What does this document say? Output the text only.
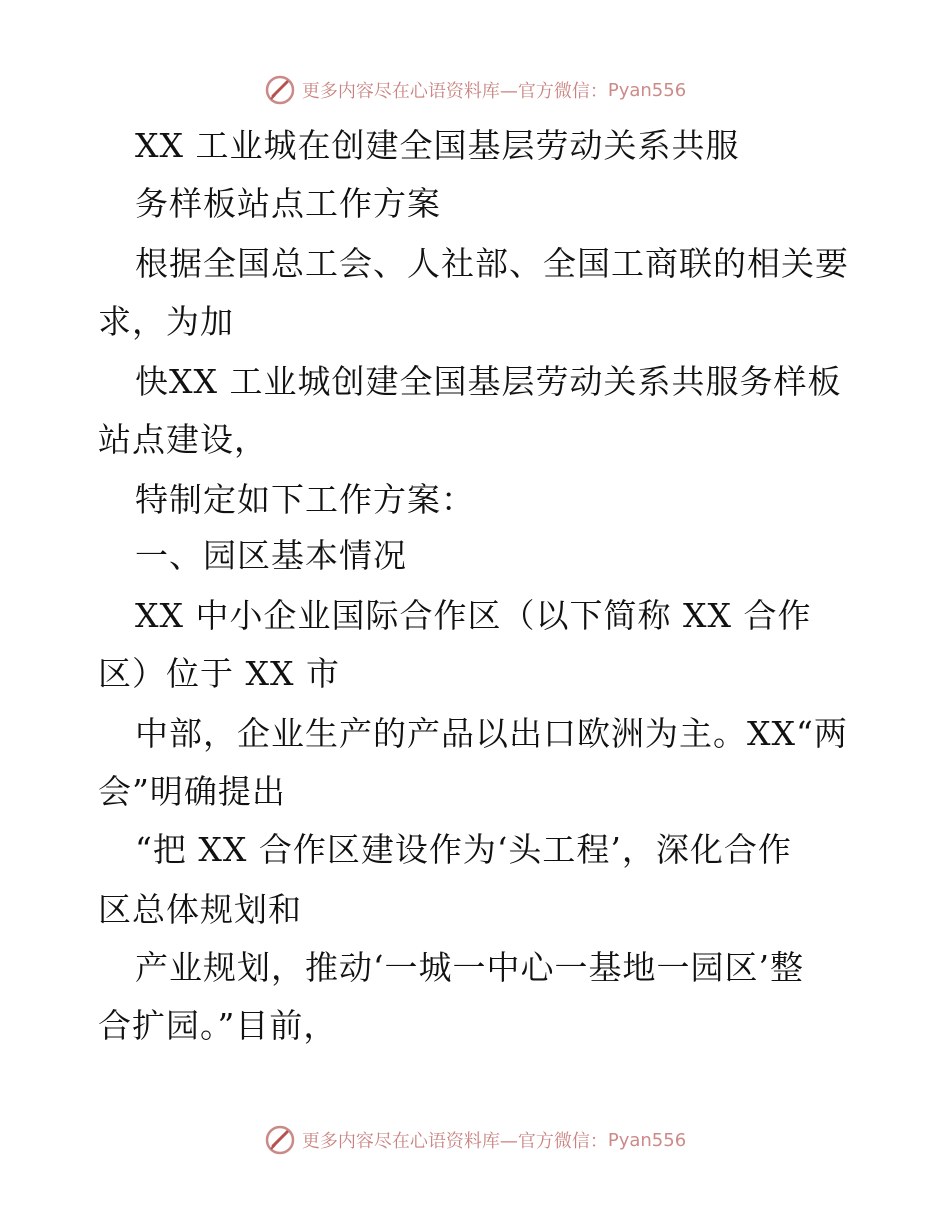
更多内容尽在心语资料库—官方微信： Pyan556
XX 工业城在创建全国基层劳动关系共服
务样板站点工作方案
根据全国总工会、人社部、全国工商联的相关要
求，为加
快XX 工业城创建全国基层劳动关系共服务样板
站点建设，
特制定如下工作方案：
一、园区基本情况
XX 中小企业国际合作区（以下简称 XX 合作
区）位于 XX 市
中部，企业生产的产品以出口欧洲为主。XX“两
会”明确提出
“把 XX 合作区建设作为‘头工程’，深化合作
区总体规划和
产业规划，推动‘一城一中心一基地一园区’整
合扩园。”目前，
更多内容尽在心语资料库—官方微信： Pyan556
